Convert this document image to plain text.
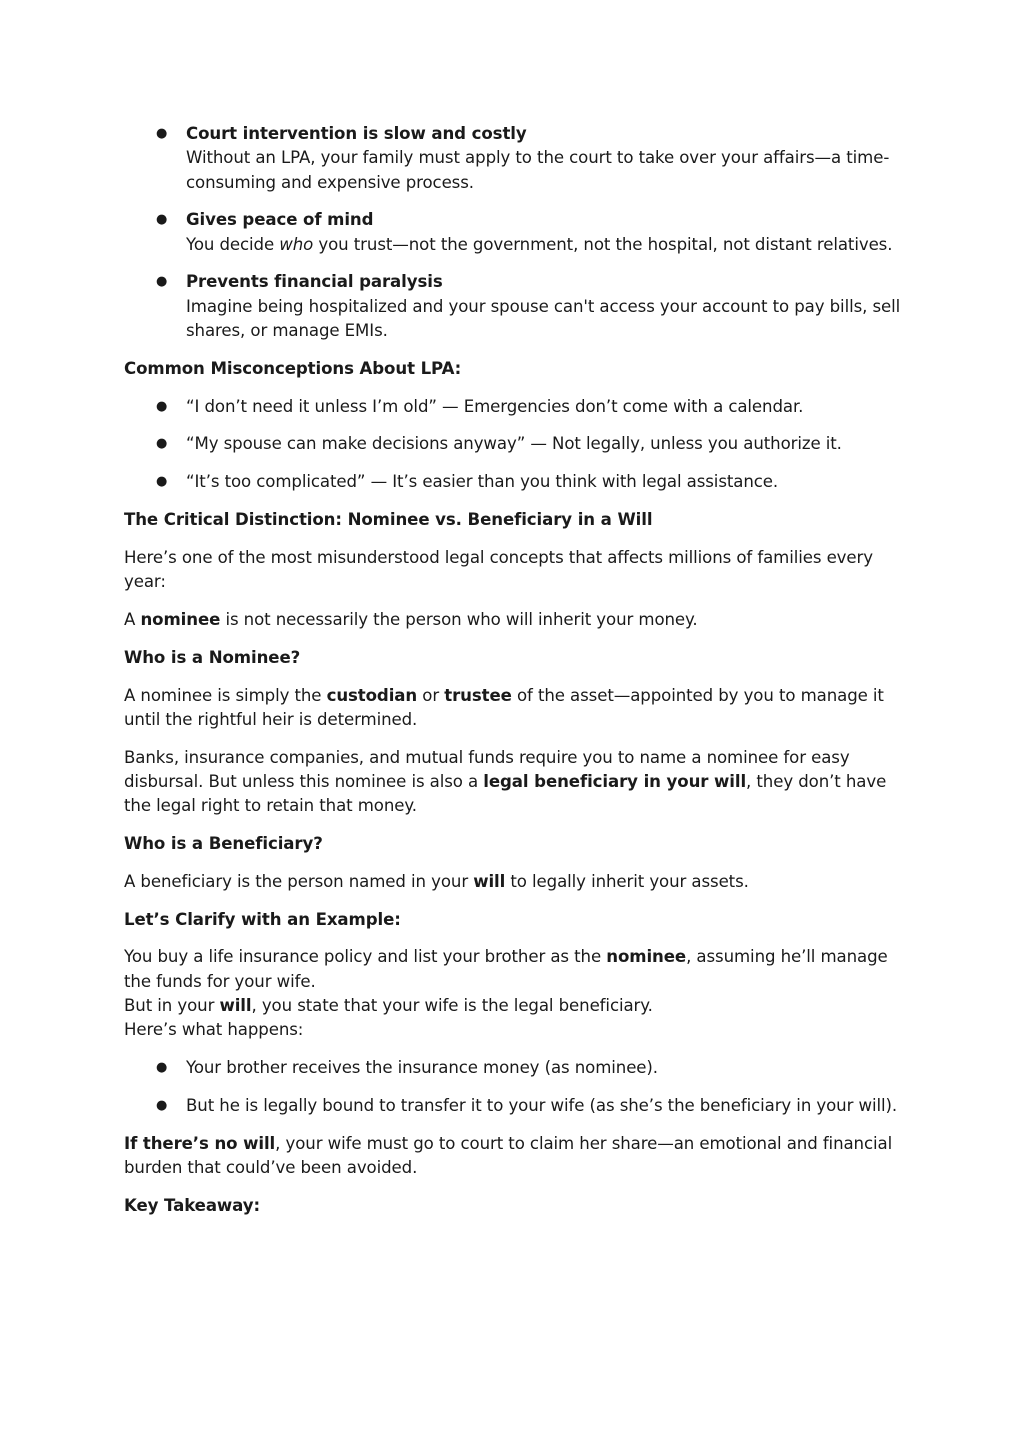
● Court intervention is slow and costly
Without an LPA, your family must apply to the court to take over your affairs—a time-consuming and expensive process.
● Gives peace of mind
You decide who you trust—not the government, not the hospital, not distant relatives.
● Prevents financial paralysis
Imagine being hospitalized and your spouse can't access your account to pay bills, sell shares, or manage EMIs.

Common Misconceptions About LPA:

● “I don’t need it unless I’m old” — Emergencies don’t come with a calendar.
● “My spouse can make decisions anyway” — Not legally, unless you authorize it.
● “It’s too complicated” — It’s easier than you think with legal assistance.

The Critical Distinction: Nominee vs. Beneficiary in a Will

Here’s one of the most misunderstood legal concepts that affects millions of families every year:

A nominee is not necessarily the person who will inherit your money.

Who is a Nominee?

A nominee is simply the custodian or trustee of the asset—appointed by you to manage it until the rightful heir is determined.

Banks, insurance companies, and mutual funds require you to name a nominee for easy disbursal. But unless this nominee is also a legal beneficiary in your will, they don’t have the legal right to retain that money.

Who is a Beneficiary?

A beneficiary is the person named in your will to legally inherit your assets.

Let’s Clarify with an Example:

You buy a life insurance policy and list your brother as the nominee, assuming he’ll manage the funds for your wife.
But in your will, you state that your wife is the legal beneficiary.
Here’s what happens:

● Your brother receives the insurance money (as nominee).
● But he is legally bound to transfer it to your wife (as she’s the beneficiary in your will).

If there’s no will, your wife must go to court to claim her share—an emotional and financial burden that could’ve been avoided.

Key Takeaway:
